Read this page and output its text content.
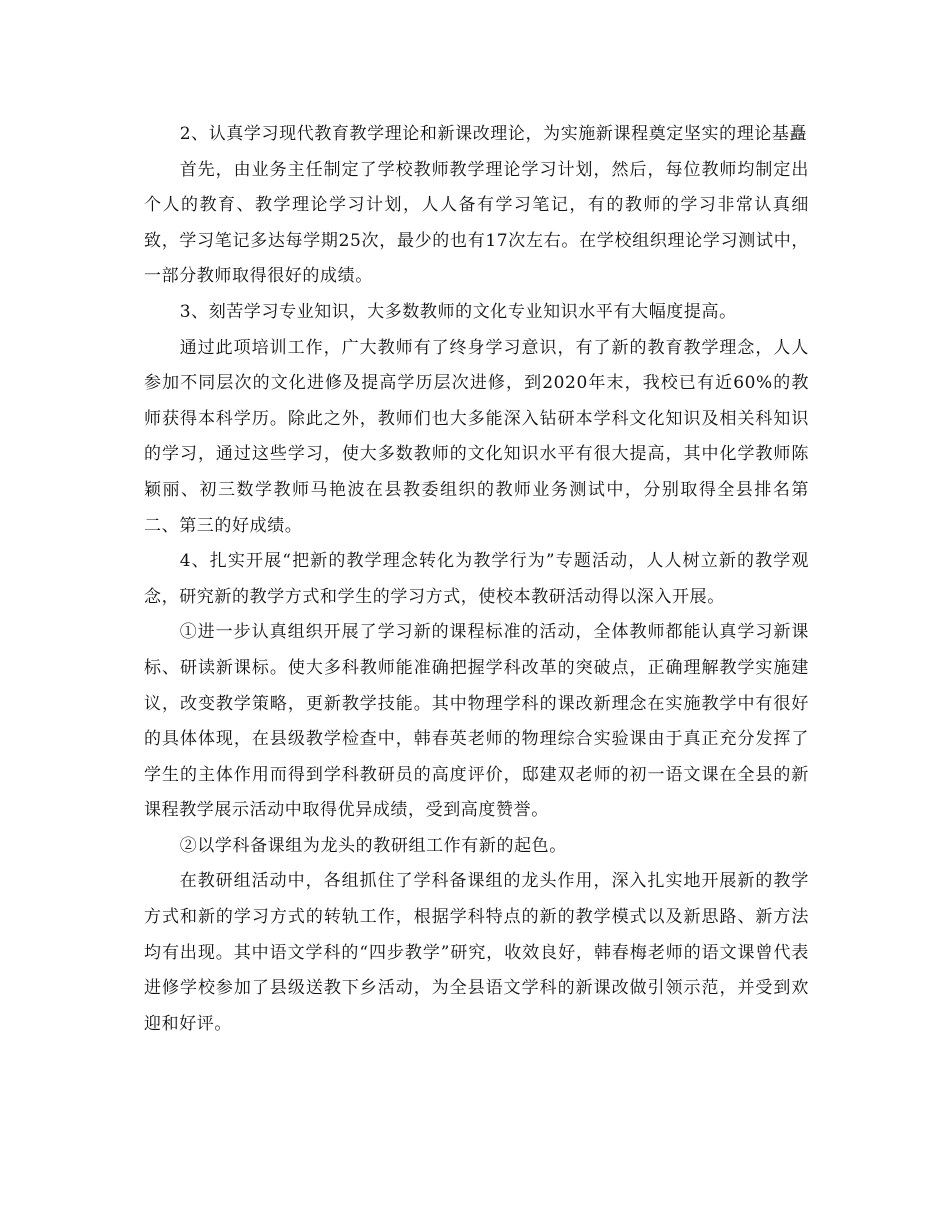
2、认真学习现代教育教学理论和新课改理论，为实施新课程奠定坚实的理论基矗

首先，由业务主任制定了学校教师教学理论学习计划，然后，每位教师均制定出个人的教育、教学理论学习计划，人人备有学习笔记，有的教师的学习非常认真细致，学习笔记多达每学期25次，最少的也有17次左右。在学校组织理论学习测试中，一部分教师取得很好的成绩。

3、刻苦学习专业知识，大多数教师的文化专业知识水平有大幅度提高。

通过此项培训工作，广大教师有了终身学习意识，有了新的教育教学理念，人人参加不同层次的文化进修及提高学历层次进修，到2020年末，我校已有近60%的教师获得本科学历。除此之外，教师们也大多能深入钻研本学科文化知识及相关科知识的学习，通过这些学习，使大多数教师的文化知识水平有很大提高，其中化学教师陈颖丽、初三数学教师马艳波在县教委组织的教师业务测试中，分别取得全县排名第二、第三的好成绩。

4、扎实开展“把新的教学理念转化为教学行为”专题活动，人人树立新的教学观念，研究新的教学方式和学生的学习方式，使校本教研活动得以深入开展。

①进一步认真组织开展了学习新的课程标准的活动，全体教师都能认真学习新课标、研读新课标。使大多科教师能准确把握学科改革的突破点，正确理解教学实施建议，改变教学策略，更新教学技能。其中物理学科的课改新理念在实施教学中有很好的具体体现，在县级教学检查中，韩春英老师的物理综合实验课由于真正充分发挥了学生的主体作用而得到学科教研员的高度评价，邸建双老师的初一语文课在全县的新课程教学展示活动中取得优异成绩，受到高度赞誉。

②以学科备课组为龙头的教研组工作有新的起色。

在教研组活动中，各组抓住了学科备课组的龙头作用，深入扎实地开展新的教学方式和新的学习方式的转轨工作，根据学科特点的新的教学模式以及新思路、新方法均有出现。其中语文学科的“四步教学”研究，收效良好，韩春梅老师的语文课曾代表进修学校参加了县级送教下乡活动，为全县语文学科的新课改做引领示范，并受到欢迎和好评。
